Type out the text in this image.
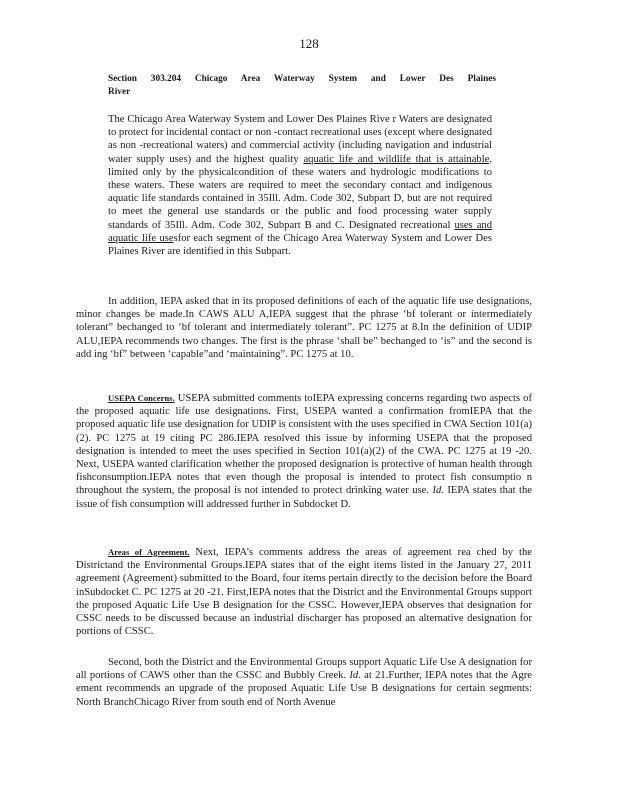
128
Section 303.204 Chicago Area Waterway System and Lower Des Plaines River
The Chicago Area Waterway System and Lower Des Plaines Rive r Waters are designated to protect for incidental contact or non -contact recreational uses (except where designated as non -recreational waters) and commercial activity (including navigation and industrial water supply uses) and the highest quality aquatic life and wildlife that is attainable, limited only by the physicalcondition of these waters and hydrologic modifications to these waters. These waters are required to meet the secondary contact and indigenous aquatic life standards contained in 35Ill. Adm. Code 302, Subpart D, but are not required to meet the general use standards or the public and food processing water supply standards of 35Ill. Adm. Code 302, Subpart B and C. Designated recreational uses and aquatic life usesfor each segment of the Chicago Area Waterway System and Lower Des Plaines River are identified in this Subpart.
In addition, IEPA asked that in its proposed definitions of each of the aquatic life use designations, minor changes be made.In CAWS ALU A,IEPA suggest that the phrase ‘bf tolerant or intermediately tolerant” bechanged to ‘bf tolerant and intermediately tolerant”. PC 1275 at 8.In the definition of UDIP ALU,IEPA recommends two changes. The first is the phrase ‘shall be” bechanged to ‘is” and the second is add ing ‘bf” between ‘capable”and ‘maintaining”. PC 1275 at 10.
USEPA Concerns. USEPA submitted comments toIEPA expressing concerns regarding two aspects of the proposed aquatic life use designations. First, USEPA wanted a confirmation fromIEPA that the proposed aquatic life use designation for UDIP is consistent with the uses specified in CWA Section 101(a)(2). PC 1275 at 19 citing PC 286.IEPA resolved this issue by informing USEPA that the proposed designation is intended to meet the uses specified in Section 101(a)(2) of the CWA. PC 1275 at 19 -20. Next, USEPA wanted clarification whether the proposed designation is protective of human health through fishconsumption.IEPA notes that even though the proposal is intended to protect fish consumptio n throughout the system, the proposal is not intended to protect drinking water use. Id. IEPA states that the issue of fish consumption will addressed further in Subdocket D.
Areas of Agreement. Next, IEPA’s comments address the areas of agreement rea ched by the Districtand the Environmental Groups.IEPA states that of the eight items listed in the January 27, 2011 agreement (Agreement) submitted to the Board, four items pertain directly to the decision before the Board inSubdocket C. PC 1275 at 20 -21. First,IEPA notes that the District and the Environmental Groups support the proposed Aquatic Life Use B designation for the CSSC. However,IEPA observes that designation for CSSC needs to be discussed because an industrial discharger has proposed an alternative designation for portions of CSSC.
Second, both the District and the Environmental Groups support Aquatic Life Use A designation for all portions of CAWS other than the CSSC and Bubbly Creek. Id. at 21.Further, IEPA notes that the Agre ement recommends an upgrade of the proposed Aquatic Life Use B designations for certain segments: North BranchChicago River from south end of North Avenue
